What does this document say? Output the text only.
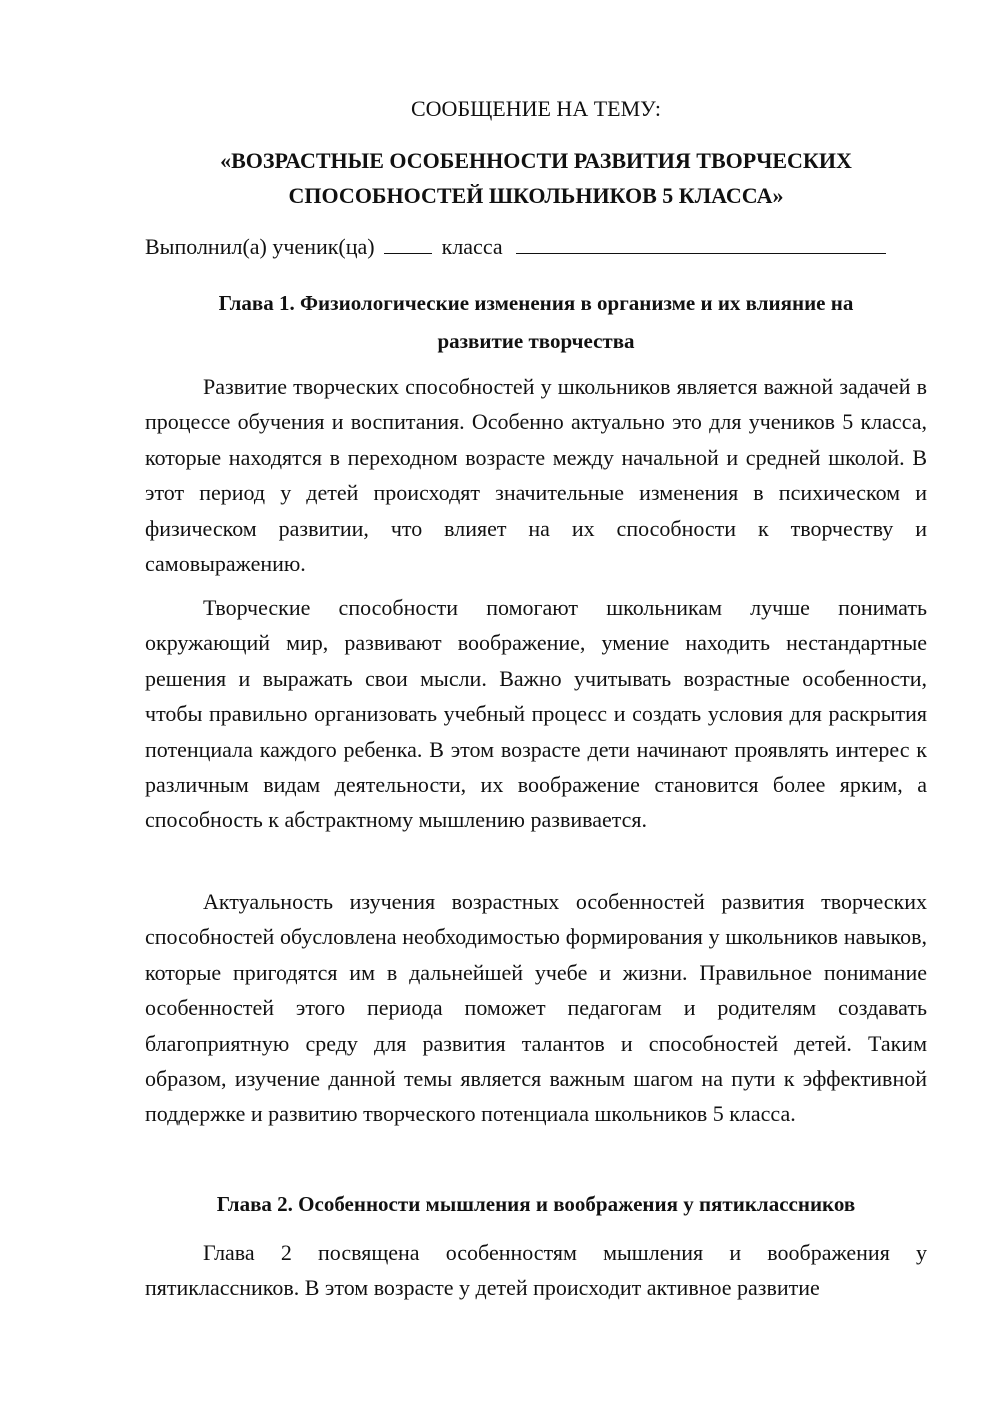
СООБЩЕНИЕ НА ТЕМУ:
«ВОЗРАСТНЫЕ ОСОБЕННОСТИ РАЗВИТИЯ ТВОРЧЕСКИХ
СПОСОБНОСТЕЙ ШКОЛЬНИКОВ 5 КЛАССА»
Выполнил(а) ученик(ца)	класса
Глава 1. Физиологические изменения в организме и их влияние на
развитие творчества

Развитие творческих способностей у школьников является важной задачей в процессе обучения и воспитания. Особенно актуально это для учеников 5 класса, которые находятся в переходном возрасте между начальной и средней школой. В этот период у детей происходят значительные изменения в психическом и физическом развитии, что влияет на их способности к творчеству и самовыражению.

Творческие способности помогают школьникам лучше понимать окружающий мир, развивают воображение, умение находить нестандартные решения и выражать свои мысли. Важно учитывать возрастные особенности, чтобы правильно организовать учебный процесс и создать условия для раскрытия потенциала каждого ребенка. В этом возрасте дети начинают проявлять интерес к различным видам деятельности, их воображение становится более ярким, а способность к абстрактному мышлению развивается.

Актуальность изучения возрастных особенностей развития творческих способностей обусловлена необходимостью формирования у школьников навыков, которые пригодятся им в дальнейшей учебе и жизни. Правильное понимание особенностей этого периода поможет педагогам и родителям создавать благоприятную среду для развития талантов и способностей детей. Таким образом, изучение данной темы является важным шагом на пути к эффективной поддержке и развитию творческого потенциала школьников 5 класса.

Глава 2. Особенности мышления и воображения у пятиклассников

Глава 2 посвящена особенностям мышления и воображения у пятиклассников. В этом возрасте у детей происходит активное развитие
